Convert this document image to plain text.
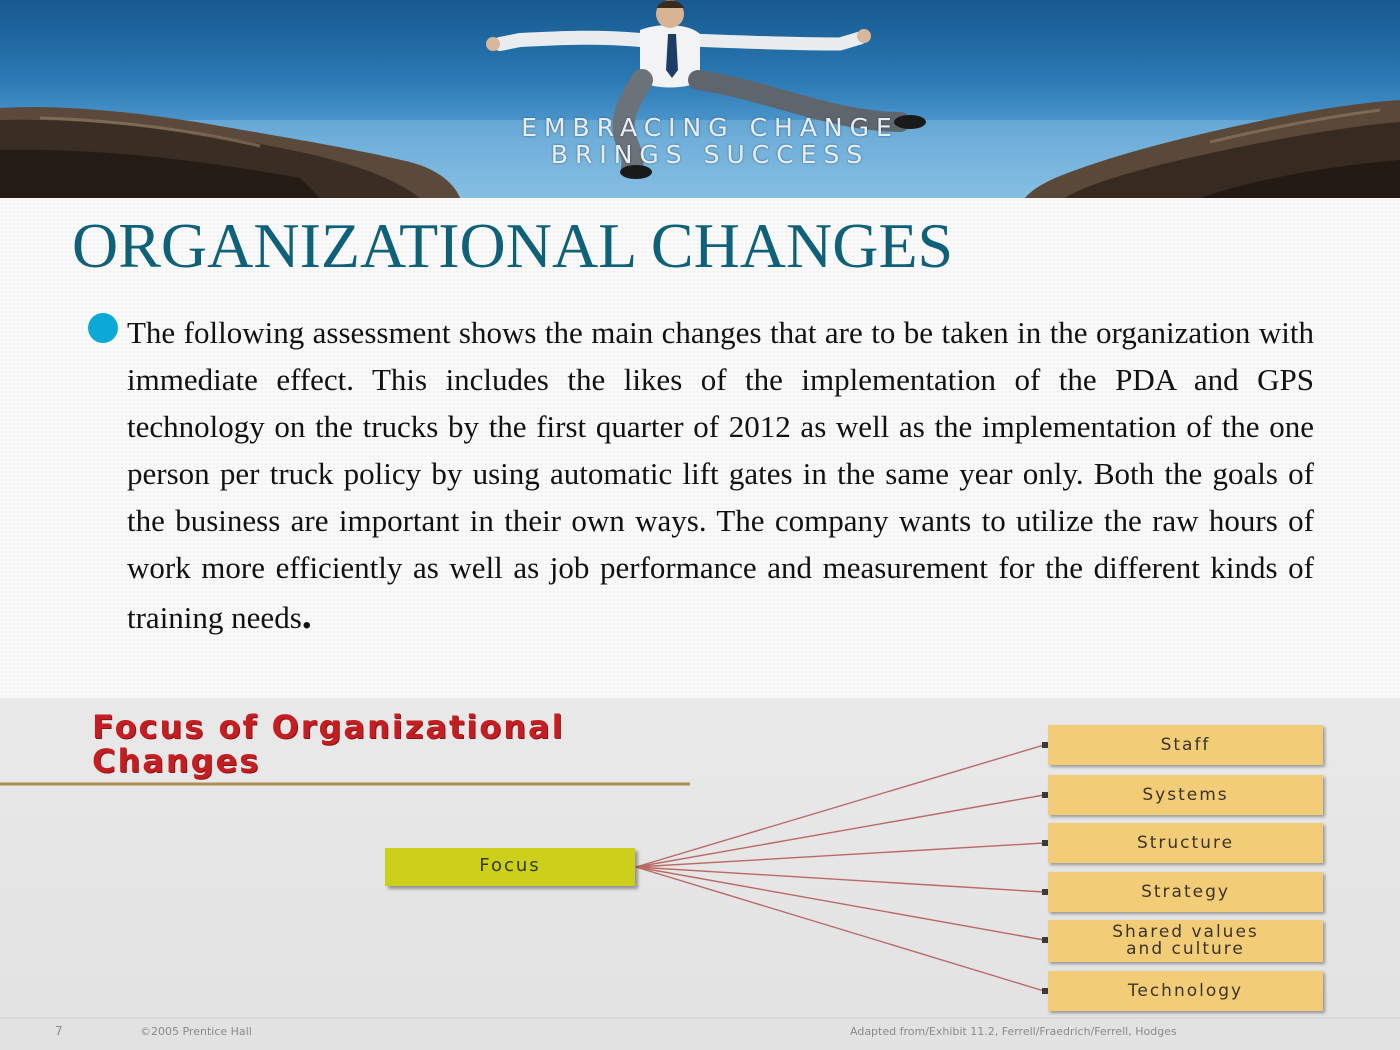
EMBRACING CHANGE
BRINGS SUCCESS
ORGANIZATIONAL CHANGES

The following assessment shows the main changes that are to be taken in the organization with immediate effect. This includes the likes of the implementation of the PDA and GPS technology on the trucks by the first quarter of 2012 as well as the implementation of the one person per truck policy by using automatic lift gates in the same year only. Both the goals of the business are important in their own ways. The company wants to utilize the raw hours of work more efficiently as well as job performance and measurement for the different kinds of training needs.

Focus of Organizational
Changes
Focus
Staff
Systems
Structure
Strategy
Shared values
and culture
Technology
7	©2005 Prentice Hall	Adapted from/Exhibit 11.2, Ferrell/Fraedrich/Ferrell, Hodges
